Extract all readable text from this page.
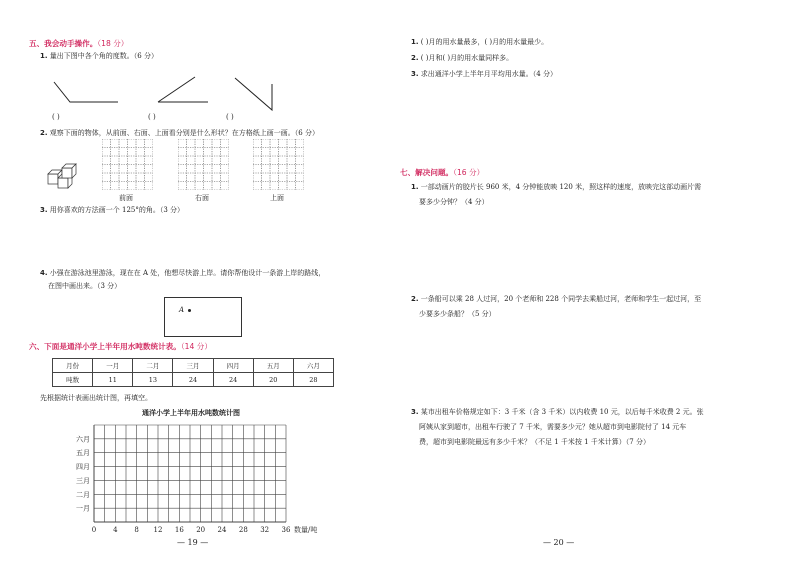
五、我会动手操作。（18 分）
1. 量出下图中各个角的度数。（6 分）
( )	( )	( )
2. 观察下面的物体，从前面、右面、上面看分别是什么形状？在方格纸上画一画。（6 分）
前面	右面	上面
3. 用你喜欢的方法画一个 125°的角。（3 分）
4. 小强在游泳池里游泳，现在在 A 处，他想尽快游上岸。请你帮他设计一条游上岸的路线，
在图中画出来。（3 分）
A
六、下面是通洋小学上半年用水吨数统计表。（14 分）
月份	一月	二月	三月	四月	五月	六月
吨数	11	13	24	24	20	28
先根据统计表画出统计图，再填空。
通洋小学上半年用水吨数统计图
六月
五月
四月
三月
二月
一月
0 4 8 12 16 20 24 28 32 36 数量/吨
— 19 —
1. ( )月的用水量最多，( )月的用水量最少。
2. ( )月和( )月的用水量同样多。
3. 求出通洋小学上半年月平均用水量。（4 分）
七、解决问题。（16 分）
1. 一部动画片的胶片长 960 米，4 分钟能放映 120 米，照这样的速度，放映完这部动画片需
要多少分钟？（4 分）
2. 一条船可以乘 28 人过河，20 个老师和 228 个同学去乘船过河，老师和学生一起过河，至
少要多少条船？（5 分）
3. 某市出租车价格规定如下：3 千米（含 3 千米）以内收费 10 元，以后每千米收费 2 元。张
阿姨从家到超市，出租车行驶了 7 千米，需要多少元？她从超市到电影院付了 14 元车
费，超市到电影院最远有多少千米？（不足 1 千米按 1 千米计算）（7 分）
— 20 —
